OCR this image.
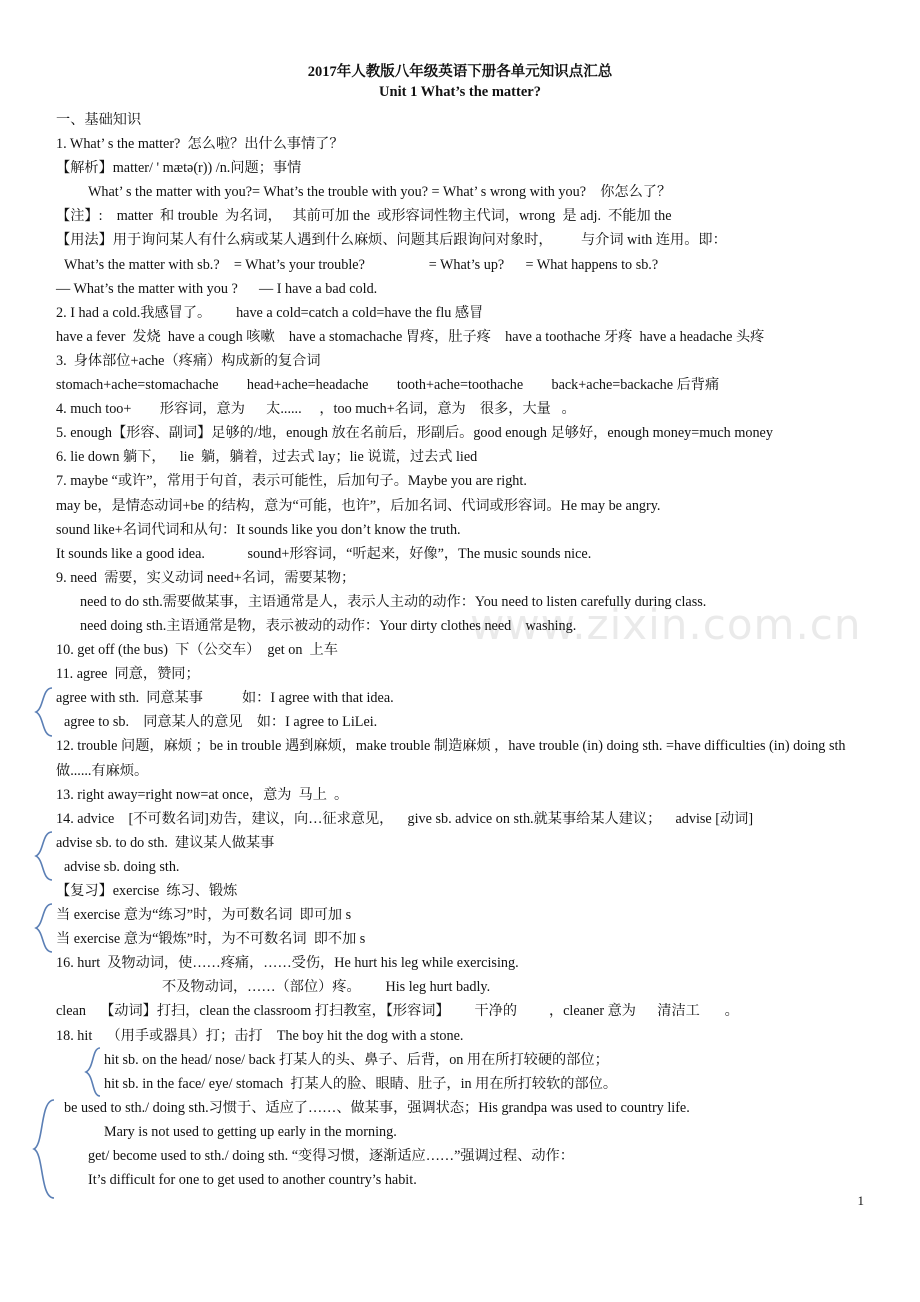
2017年人教版八年级英语下册各单元知识点汇总
Unit 1 What’s the matter?
www.zixin.com.cn
一、基础知识
1. What’ s the matter?  怎么啦？出什么事情了？
【解析】matter/ ' mætə(r)) /n.问题；事情
What’ s the matter with you?= What’s the trouble with you? = What’ s wrong with you?    你怎么了？
【注】:    matter  和 trouble  为名词，   其前可加 the  或形容词性物主代词，wrong  是 adj.  不能加 the
【用法】用于询问某人有什么病或某人遇到什么麻烦、问题其后跟询问对象时，        与介词 with 连用。即：
What’s the matter with sb.?    = What’s your trouble?                  = What’s up?      = What happens to sb.?
— What’s the matter with you ?      — I have a bad cold.
2. I had a cold.我感冒了。       have a cold=catch a cold=have the flu 感冒
have a fever  发烧  have a cough 咳嗽    have a stomachache 胃疼，肚子疼    have a toothache 牙疼  have a headache 头疼
3.  身体部位+ache（疼痛）构成新的复合词
stomach+ache=stomachache        head+ache=headache        tooth+ache=toothache        back+ache=backache 后背痛
4. much too+        形容词，意为      太......     ，too much+名词，意为    很多，大量   。
5. enough【形容、副词】足够的/地，enough 放在名前后，形副后。good enough 足够好，enough money=much money
6. lie down 躺下，    lie  躺，躺着，过去式 lay；lie 说谎，过去式 lied
7. maybe “或许”，常用于句首，表示可能性，后加句子。Maybe you are right.
may be，是情态动词+be 的结构，意为“可能，也许”，后加名词、代词或形容词。He may be angry.
sound like+名词代词和从句：It sounds like you don’t know the truth.
It sounds like a good idea.            sound+形容词，“听起来，好像”，The music sounds nice.
9. need  需要，实义动词 need+名词，需要某物；
need to do sth.需要做某事，主语通常是人，表示人主动的动作：You need to listen carefully during class.
need doing sth.主语通常是物，表示被动的动作：Your dirty clothes need    washing.
10. get off (the bus)  下（公交车）  get on  上车
11. agree  同意，赞同；
agree with sth.  同意某事           如：I agree with that idea.
agree to sb.    同意某人的意见    如：I agree to LiLei.
12. trouble 问题，麻烦 ；be in trouble 遇到麻烦，make trouble 制造麻烦 ，have trouble (in) doing sth. =have difficulties (in) doing sth 做......有麻烦。
13. right away=right now=at once，意为  马上  。
14. advice    [不可数名词]劝告，建议，向…征求意见，    give sb. advice on sth.就某事给某人建议；    advise [动词]
advise sb. to do sth.  建议某人做某事
advise sb. doing sth.
【复习】exercise  练习、锻炼
当 exercise 意为“练习”时，为可数名词  即可加 s
当 exercise 意为“锻炼”时，为不可数名词  即不加 s
16. hurt  及物动词，使……疼痛，……受伤，He hurt his leg while exercising.
不及物动词，……（部位）疼。       His leg hurt badly.
clean    【动词】打扫，clean the classroom 打扫教室，【形容词】       干净的         ，cleaner 意为      清洁工       。
18. hit    （用手或器具）打；击打    The boy hit the dog with a stone.
hit sb. on the head/ nose/ back 打某人的头、鼻子、后背，on 用在所打较硬的部位；
hit sb. in the face/ eye/ stomach  打某人的脸、眼睛、肚子，in 用在所打较软的部位。
be used to sth./ doing sth.习惯于、适应了……、做某事，强调状态；His grandpa was used to country life.
Mary is not used to getting up early in the morning.
get/ become used to sth./ doing sth. “变得习惯，逐渐适应……”强调过程、动作：
It’s difficult for one to get used to another country’s habit.
1
